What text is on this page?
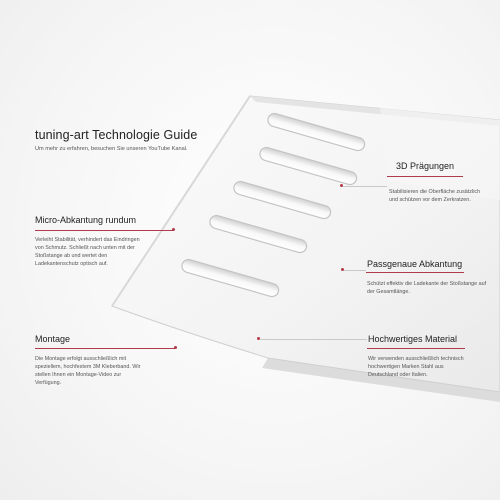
tuning-art Technologie Guide
Um mehr zu erfahren, besuchen Sie unseren YouTube Kanal.
Micro-Abkantung rundum
Verleiht Stabilität, verhindert das Eindringen von Schmutz. Schließt nach unten mit der Stoßstange ab und wertet den Ladekantenschutz optisch auf.
Montage
Die Montage erfolgt ausschließlich mit speziellem, hochfestem 3M Kleberband. Wir stellen Ihnen ein Montage-Video zur Verfügung.
3D Prägungen
Stabilisieren die Oberfläche zusätzlich und schützen vor dem Zerkratzen.
Passgenaue Abkantung
Schützt effektiv die Ladekante der Stoßstange auf der Gesamtlänge.
Hochwertiges Material
Wir verwenden ausschließlich technisch hochwertigen Marken Stahl aus Deutschland oder Italien.
